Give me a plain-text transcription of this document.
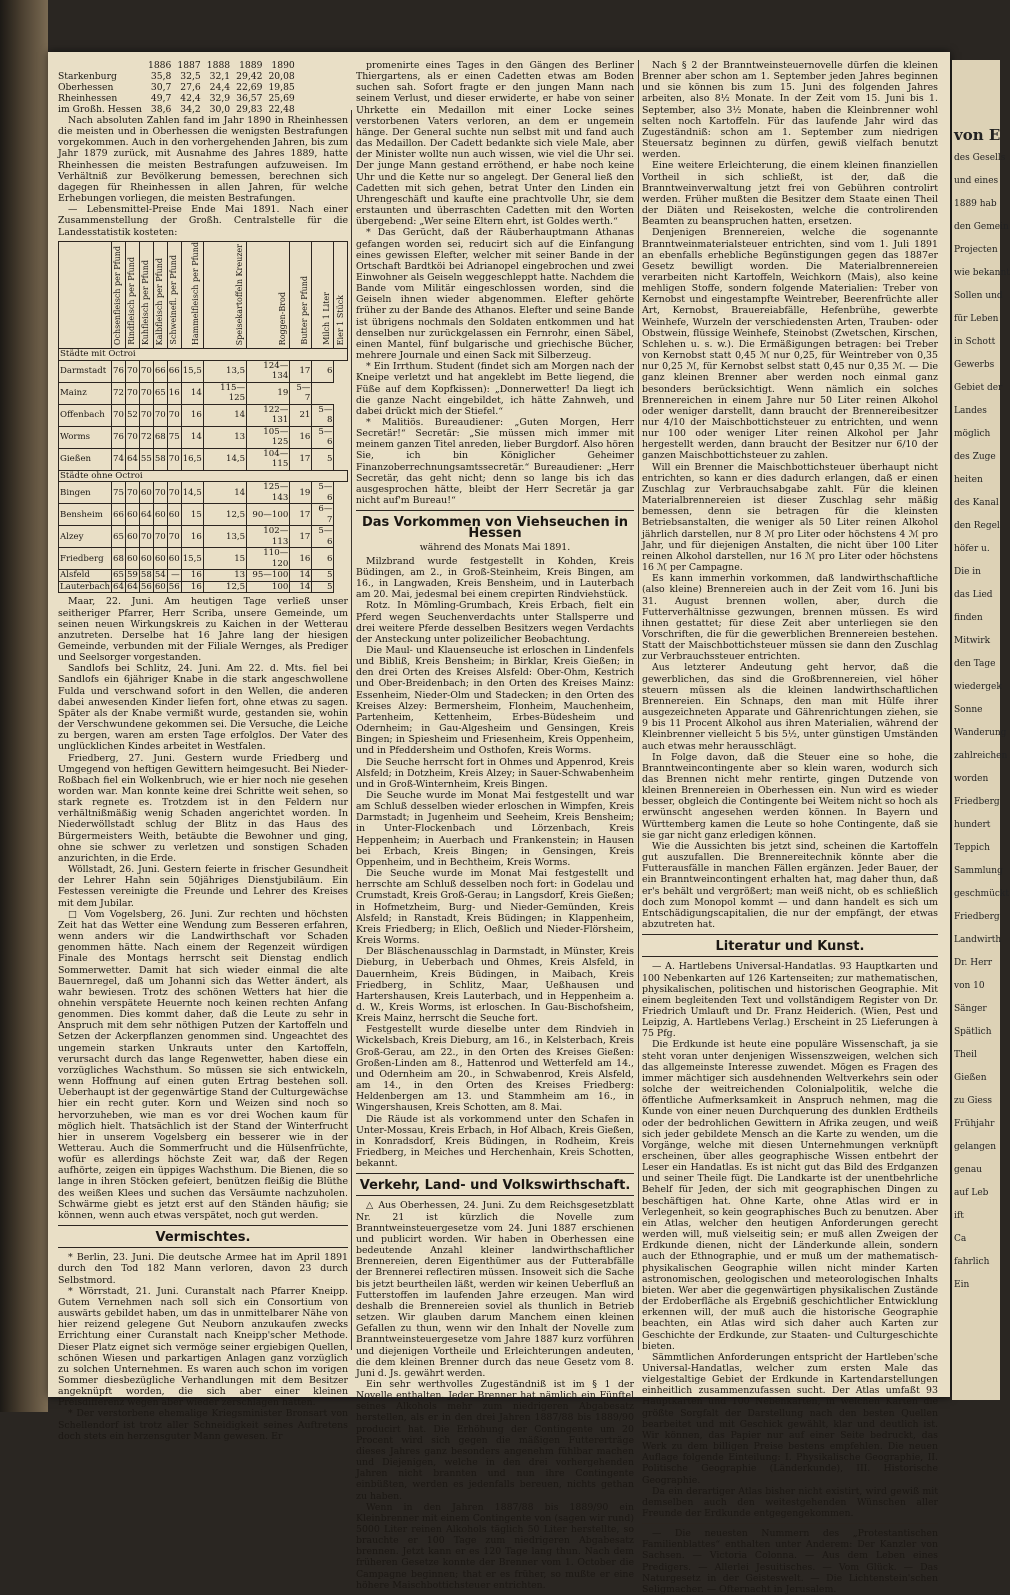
von E
des Gesells
und eines
1889 hab
den Gemein
Projecten
wie bekannt
Sollen und
für Leben
in Schott
Gewerbs
Gebiet der
Landes
möglich
des Zuge
heiten
des Kanal
den Regel
höfer u.
Die in
das Lied
finden
Mitwirk
den Tage
wiedergek
Sonne
Wanderung
zahlreichen
worden
Friedberg
hundert
Teppich
Sammlung
geschmückt
Friedberg
Landwirth
Dr. Herr
von 10
Sänger
Spätlich
Theil
Gießen
zu Giess
Frühjahr
gelangen
genau
auf Leb
ift
Ca
fahrlich
Ein
	1886	1887	1888	1889	1890
Starkenburg	35,8	32,5	32,1	29,42	20,08
Oberhessen	30,7	27,6	24,4	22,69	19,85
Rheinhessen	49,7	42,4	32,9	36,57	25,69
im Großh. Hessen	38,6	34,2	30,0	29,83	22,48

Nach absoluten Zahlen fand im Jahr 1890 in Rheinhessen die meisten und in Oberhessen die wenigsten Bestrafungen vorgekommen. Auch in den vorhergehenden Jahren, bis zum Jahr 1879 zurück, mit Ausnahme des Jahres 1889, hatte Rheinhessen die meisten Bestrafungen aufzuweisen. Im Verhältniß zur Bevölkerung bemessen, berechnen sich dagegen für Rheinhessen in allen Jahren, für welche Erhebungen vorliegen, die meisten Bestrafungen.

— Lebensmittel-Preise Ende Mai 1891. Nach einer Zusammenstellung der Großh. Centralstelle für die Landesstatistik kosteten:

	Ochsenfleisch per Pfund	Rindfleisch per Pfund	Kuhfleisch per Pfund	Kalbfleisch per Pfund	Schweinefl. per Pfund	Hammelfleisch per Pfund	Speisekartoffeln Kreuzer	Roggen-Brod	Butter per Pfund	Milch 1 Liter	Eier 1 Stück
Städte mit Octroi											
Darmstadt	76	70	70	66	66	15,5	13,5	124—134	17	6	
Mainz	72	70	70	65	16	14	115—125	19	5—7		
Offenbach	70	52	70	70	70	16	14	122—131	21	5—8	
Worms	76	70	72	68	75	14	13	105—125	16	5—6	
Gießen	74	64	55	58	70	16,5	14,5	104—115	17	5	
Städte ohne Octroi											
Bingen	75	70	60	70	70	14,5	14	125—143	19	5—6	
Bensheim	66	60	64	60	60	15	12,5	90—100	17	6—7	
Alzey	65	60	70	70	70	16	13,5	102—113	17	5—6	
Friedberg	68	60	60	60	60	15,5	15	110—120	16	6	
Alsfeld	65	59	58	54	—	16	13	95—100	14	5	
Lauterbach	64	64	56	60	56	16	12,5	100	14	5	

Maar, 22. Juni. Am heutigen Tage verließ unser seitheriger Pfarrer, Herr Scriba, unsere Gemeinde, um seinen neuen Wirkungskreis zu Kaichen in der Wetterau anzutreten. Derselbe hat 16 Jahre lang der hiesigen Gemeinde, verbunden mit der Filiale Wernges, als Prediger und Seelsorger vorgestanden.

Sandlofs bei Schlitz, 24. Juni. Am 22. d. Mts. fiel bei Sandlofs ein 6jähriger Knabe in die stark angeschwollene Fulda und verschwand sofort in den Wellen, die anderen dabei anwesenden Kinder liefen fort, ohne etwas zu sagen. Später als der Knabe vermißt wurde, gestanden sie, wohin der Verschwundene gekommen sei. Die Versuche, die Leiche zu bergen, waren am ersten Tage erfolglos. Der Vater des unglücklichen Kindes arbeitet in Westfalen.

Friedberg, 27. Juni. Gestern wurde Friedberg und Umgegend von heftigen Gewittern heimgesucht. Bei Nieder-Roßbach fiel ein Wolkenbruch, wie er hier noch nie gesehen worden war. Man konnte keine drei Schritte weit sehen, so stark regnete es. Trotzdem ist in den Feldern nur verhältnißmäßig wenig Schaden angerichtet worden. In Niederwöllstadt schlug der Blitz in das Haus des Bürgermeisters Weith, betäubte die Bewohner und ging, ohne sie schwer zu verletzen und sonstigen Schaden anzurichten, in die Erde.

Wöllstadt, 26. Juni. Gestern feierte in frischer Gesundheit der Lehrer Hahn sein 50jähriges Dienstjubiläum. Ein Festessen vereinigte die Freunde und Lehrer des Kreises mit dem Jubilar.

□ Vom Vogelsberg, 26. Juni. Zur rechten und höchsten Zeit hat das Wetter eine Wendung zum Besseren erfahren, wenn anders wir die Landwirthschaft vor Schaden genommen hätte. Nach einem der Regenzeit würdigen Finale des Montags herrscht seit Dienstag endlich Sommerwetter. Damit hat sich wieder einmal die alte Bauernregel, daß um Johanni sich das Wetter ändert, als wahr bewiesen. Trotz des schönen Wetters hat hier die ohnehin verspätete Heuernte noch keinen rechten Anfang genommen. Dies kommt daher, daß die Leute zu sehr in Anspruch mit dem sehr nöthigen Putzen der Kartoffeln und Setzen der Ackerpflanzen genommen sind. Ungeachtet des ungemein starken Unkrauts unter den Kartoffeln, verursacht durch das lange Regenwetter, haben diese ein vorzügliches Wachsthum. So müssen sie sich entwickeln, wenn Hoffnung auf einen guten Ertrag bestehen soll. Ueberhaupt ist der gegenwärtige Stand der Culturgewächse hier ein recht guter. Korn und Weizen sind noch so hervorzuheben, wie man es vor drei Wochen kaum für möglich hielt. Thatsächlich ist der Stand der Winterfrucht hier in unserem Vogelsberg ein besserer wie in der Wetterau. Auch die Sommerfrucht und die Hülsenfrüchte, wofür es allerdings höchste Zeit war, daß der Regen aufhörte, zeigen ein üppiges Wachsthum. Die Bienen, die so lange in ihren Stöcken gefeiert, benützen fleißig die Blüthe des weißen Klees und suchen das Versäumte nachzuholen. Schwärme giebt es jetzt erst auf den Ständen häufig; sie können, wenn auch etwas verspätet, noch gut werden.

Vermischtes.

* Berlin, 23. Juni. Die deutsche Armee hat im April 1891 durch den Tod 182 Mann verloren, davon 23 durch Selbstmord.

* Wörrstadt, 21. Juni. Curanstalt nach Pfarrer Kneipp. Gutem Vernehmen nach soll sich ein Consortium von auswärts gebildet haben, um das in unmittelbarer Nähe von hier reizend gelegene Gut Neuborn anzukaufen zwecks Errichtung einer Curanstalt nach Kneipp'scher Methode. Dieser Platz eignet sich vermöge seiner ergiebigen Quellen, schönen Wiesen und parkartigen Anlagen ganz vorzüglich zu solchen Unternehmen. Es waren auch schon im vorigen Sommer diesbezügliche Verhandlungen mit dem Besitzer angeknüpft worden, die sich aber einer kleinen Preisdifferenz wegen aber wieder zerschlagen hatten.

* Der verstorbene ehemalige Kriegsminister Bronsart von Schellendorf ist trotz aller Schneidigkeit seines Auftretens doch stets ein herzensguter Mann gewesen. Er

promenirte eines Tages in den Gängen des Berliner Thiergartens, als er einen Cadetten etwas am Boden suchen sah. Sofort fragte er den jungen Mann nach seinem Verlust, und dieser erwiderte, er habe von seiner Uhrkette ein Medaillon mit einer Locke seines verstorbenen Vaters verloren, an dem er ungemein hänge. Der General suchte nun selbst mit und fand auch das Medaillon. Der Cadett bedankte sich viele Male, aber der Minister wollte nun auch wissen, wie viel die Uhr sei. Der junge Mann gestand erröthend, er habe noch keine Uhr und die Kette nur so angelegt. Der General ließ den Cadetten mit sich gehen, betrat Unter den Linden ein Uhrengeschäft und kaufte eine prachtvolle Uhr, sie dem erstaunten und überraschten Cadetten mit den Worten übergebend: „Wer seine Eltern ehrt, ist Goldes werth.“

* Das Gerücht, daß der Räuberhauptmann Athanas gefangen worden sei, reducirt sich auf die Einfangung eines gewissen Elefter, welcher mit seiner Bande in der Ortschaft Bardtköi bei Adrianopel eingebrochen und zwei Einwohner als Geiseln weggeschleppt hatte. Nachdem die Bande vom Militär eingeschlossen worden, sind die Geiseln ihnen wieder abgenommen. Elefter gehörte früher zu der Bande des Athanos. Elefter und seine Bande ist übrigens nochmals den Soldaten entkommen und hat denselben nur zurückgelassen ein Fernrohr, einen Säbel, einen Mantel, fünf bulgarische und griechische Bücher, mehrere Journale und einen Sack mit Silberzeug.

* Ein Irrthum. Student (findet sich am Morgen nach der Kneipe verletzt und hat angeklebt im Bette liegend, die Füße auf dem Kopfkissen): „Donnerwetter! Da liegt ich die ganze Nacht eingebildet, ich hätte Zahnweh, und dabei drückt mich der Stiefel.“

* Malitiös. Bureaudiener: „Guten Morgen, Herr Secretär!“ Secretär: „Sie müssen mich immer mit meinem ganzen Titel anreden, lieber Burgdorf. Also hören Sie, ich bin Königlicher Geheimer Finanzoberrechnungsamtssecretär.“ Bureaudiener: „Herr Secretär, das geht nicht; denn so lange bis ich das ausgesprochen hätte, bleibt der Herr Secretär ja gar nicht auf'm Bureau!“

Das Vorkommen von Viehseuchen in Hessen
während des Monats Mai 1891.

Milzbrand wurde festgestellt in Kohden, Kreis Büdingen, am 2., in Groß-Steinheim, Kreis Bingen, am 16., in Langwaden, Kreis Bensheim, und in Lauterbach am 20. Mai, jedesmal bei einem crepirten Rindviehstück.

Rotz. In Mömling-Grumbach, Kreis Erbach, fielt ein Pferd wegen Seuchenverdachts unter Stallsperre und drei weitere Pferde desselben Besitzers wegen Verdachts der Ansteckung unter polizeilicher Beobachtung.

Die Maul- und Klauenseuche ist erloschen in Lindenfels und Bibliß, Kreis Bensheim; in Birklar, Kreis Gießen; in den drei Orten des Kreises Alsfeld: Ober-Ohm, Kestrich und Ober-Breidenbach; in den Orten des Kreises Mainz: Essenheim, Nieder-Olm und Stadecken; in den Orten des Kreises Alzey: Bermersheim, Flonheim, Mauchenheim, Partenheim, Kettenheim, Erbes-Büdesheim und Odernheim; in Gau-Algesheim und Gensingen, Kreis Bingen; in Spiesheim und Friesenheim, Kreis Oppenheim, und in Pfeddersheim und Osthofen, Kreis Worms.

Die Seuche herrscht fort in Ohmes und Appenrod, Kreis Alsfeld; in Dotzheim, Kreis Alzey; in Sauer-Schwabenheim und in Groß-Winternheim, Kreis Bingen.

Die Seuche wurde im Monat Mai festgestellt und war am Schluß desselben wieder erloschen in Wimpfen, Kreis Darmstadt; in Jugenheim und Seeheim, Kreis Bensheim; in Unter-Flockenbach und Lörzenbach, Kreis Heppenheim; in Auerbach und Frankenstein; in Hausen bei Erbach, Kreis Bingen; in Gensingen, Kreis Oppenheim, und in Bechtheim, Kreis Worms.

Die Seuche wurde im Monat Mai festgestellt und herrschte am Schluß desselben noch fort: in Godelau und Crumstadt, Kreis Groß-Gerau; in Langsdorf, Kreis Gießen; in Hofmetzheim, Burg- und Nieder-Gemünden, Kreis Alsfeld; in Ranstadt, Kreis Büdingen; in Klappenheim, Kreis Friedberg; in Elich, Oeßlich und Nieder-Flörsheim, Kreis Worms.

Der Bläschenausschlag in Darmstadt, in Münster, Kreis Dieburg, in Ueberbach und Ohmes, Kreis Alsfeld, in Dauernheim, Kreis Büdingen, in Maibach, Kreis Friedberg, in Schlitz, Maar, Ueßhausen und Hartershausen, Kreis Lauterbach, und in Heppenheim a. d. W., Kreis Worms, ist erloschen. In Gau-Bischofsheim, Kreis Mainz, herrscht die Seuche fort.

Festgestellt wurde dieselbe unter dem Rindvieh in Wickelsbach, Kreis Dieburg, am 16., in Kelsterbach, Kreis Groß-Gerau, am 22., in den Orten des Kreises Gießen: Großen-Linden am 8., Hattenrod und Wetterfeld am 14., und Odernheim am 20., in Schwabenrod, Kreis Alsfeld, am 14., in den Orten des Kreises Friedberg: Heldenbergen am 13. und Stammheim am 16., in Wingershausen, Kreis Schotten, am 8. Mai.

Die Räude ist als vorkommend unter den Schafen in Unter-Mossau, Kreis Erbach, in Hof Albach, Kreis Gießen, in Konradsdorf, Kreis Büdingen, in Rodheim, Kreis Friedberg, in Meiches und Herchenhain, Kreis Schotten, bekannt.

Verkehr, Land- und Volkswirthschaft.

△ Aus Oberhessen, 24. Juni. Zu dem Reichsgesetzblatt Nr. 21 ist kürzlich die Novelle zum Branntweinsteuergesetze vom 24. Juni 1887 erschienen und publicirt worden. Wir haben in Oberhessen eine bedeutende Anzahl kleiner landwirthschaftlicher Brennereien, deren Eigenthümer aus der Futterabfälle der Brennerei reflectiren müssen. Insoweit sich die Sache bis jetzt beurtheilen läßt, werden wir keinen Ueberfluß an Futterstoffen im laufenden Jahre erzeugen. Man wird deshalb die Brennereien soviel als thunlich in Betrieb setzen. Wir glauben darum Manchem einen kleinen Gefallen zu thun, wenn wir den Inhalt der Novelle zum Branntweinsteuergesetze vom Jahre 1887 kurz vorführen und diejenigen Vortheile und Erleichterungen andeuten, die dem kleinen Brenner durch das neue Gesetz vom 8. Juni d. Js. gewährt werden.

Ein sehr werthvolles Zugeständniß ist im § 1 der Novelle enthalten. Jeder Brenner hat nämlich ein Fünftel seines Alkohols mehr zum niedrigeren Abgabesatz herstellen, als er in den drei Jahren 1887/88 bis 1889/90 producirt hat. Die Erhöhung der Contingente um 20 Procent wird sich gegen die mäßigen Futtererträge dieses Jahres ganz besonders angenehm fühlbar machen und Diejenigen, welche in den drei vorhergehenden Jahren nicht brannten und nun ihre Contingente einbüßten, werden es jedenfalls bereuen, nichts gethan zu haben.

Wenn in den Jahren 1887/88 bis 1889/90 ein Kleinbrenner mit einem Contingente von (sagen wir rund) 5000 Liter reinen Alkohols täglich 50 Liter herstellte, so brauchte er 100 Tage zum niedrigeren Abgabesatz brennen. Jetzt kann er es 120 Tage lang thun. Nach dem früheren Gesetze konnte der Brenner vom 1. October die Campagne beginnen; that er es früher, so mußte er eine höhere Maischbottichsteuer entrichten.

Nach § 2 der Branntweinsteuernovelle dürfen die kleinen Brenner aber schon am 1. September jeden Jahres beginnen und sie können bis zum 15. Juni des folgenden Jahres arbeiten, also 8½ Monate. In der Zeit vom 15. Juni bis 1. September, also 3½ Monate, haben die Kleinbrenner wohl selten noch Kartoffeln. Für das laufende Jahr wird das Zugeständniß: schon am 1. September zum niedrigen Steuersatz beginnen zu dürfen, gewiß vielfach benutzt werden.

Eine weitere Erleichterung, die einem kleinen finanziellen Vortheil in sich schließt, ist der, daß die Branntweinverwaltung jetzt frei von Gebühren controlirt werden. Früher mußten die Besitzer dem Staate einen Theil der Diäten und Reisekosten, welche die controlirenden Beamten zu beanspruchen hatten, ersetzen.

Denjenigen Brennereien, welche die sogenannte Branntweinmaterialsteuer entrichten, sind vom 1. Juli 1891 an ebenfalls erhebliche Begünstigungen gegen das 1887er Gesetz bewilligt worden. Die Materialbrennereien verarbeiten nicht Kartoffeln, Weichkorn (Mais), also keine mehligen Stoffe, sondern folgende Materialien: Treber von Kernobst und eingestampfte Weintreber, Beerenfrüchte aller Art, Kernobst, Brauereiabfälle, Hefenbrühe, gewerbte Weinhefe, Wurzeln der verschiedensten Arten, Trauben- oder Obstwein, flüssige Weinhefe, Steinobst (Zwetschen, Kirschen, Schlehen u. s. w.). Die Ermäßigungen betragen: bei Treber von Kernobst statt 0,45 ℳ nur 0,25, für Weintreber von 0,35 nur 0,25 ℳ, für Kernobst selbst statt 0,45 nur 0,35 ℳ. — Die ganz kleinen Brenner aber werden noch einmal ganz besonders berücksichtigt. Wenn nämlich ein solches Brennereichen in einem Jahre nur 50 Liter reinen Alkohol oder weniger darstellt, dann braucht der Brennereibesitzer nur 4/10 der Maischbottichsteuer zu entrichten, und wenn nur 100 oder weniger Liter reinen Alkohol per Jahr hergestellt werden, dann braucht der Besitzer nur 6/10 der ganzen Maischbottichsteuer zu zahlen.

Will ein Brenner die Maischbottichsteuer überhaupt nicht entrichten, so kann er dies dadurch erlangen, daß er einen Zuschlag zur Verbrauchsabgabe zahlt. Für die kleinen Materialbrennereien ist dieser Zuschlag sehr mäßig bemessen, denn sie betragen für die kleinsten Betriebsanstalten, die weniger als 50 Liter reinen Alkohol jährlich darstellen, nur 8 ℳ pro Liter oder höchstens 4 ℳ pro Jahr, und für diejenigen Anstalten, die nicht über 100 Liter reinen Alkohol darstellen, nur 16 ℳ pro Liter oder höchstens 16 ℳ per Campagne.

Es kann immerhin vorkommen, daß landwirthschaftliche (also kleine) Brennereien auch in der Zeit vom 16. Juni bis 31. August brennen wollen, aber, durch die Futterverhältnisse gezwungen, brennen müssen. Es wird ihnen gestattet; für diese Zeit aber unterliegen sie den Vorschriften, die für die gewerblichen Brennereien bestehen. Statt der Maischbottichsteuer müssen sie dann den Zuschlag zur Verbrauchssteuer entrichten.

Aus letzterer Andeutung geht hervor, daß die gewerblichen, das sind die Großbrennereien, viel höher steuern müssen als die kleinen landwirthschaftlichen Brennereien. Ein Schnaps, den man mit Hülfe ihrer ausgezeichneten Apparate und Gährenrichtungen ziehen, sie 9 bis 11 Procent Alkohol aus ihren Materialien, während der Kleinbrenner vielleicht 5 bis 5½, unter günstigen Umständen auch etwas mehr herausschlägt.

In Folge davon, daß die Steuer eine so hohe, die Branntweincontingente aber so klein waren, wodurch sich das Brennen nicht mehr rentirte, gingen Dutzende von kleinen Brennereien in Oberhessen ein. Nun wird es wieder besser, obgleich die Contingente bei Weitem nicht so hoch als erwünscht angesehen werden können. In Bayern und Württemberg kamen die Leute so hohe Contingente, daß sie sie gar nicht ganz erledigen können.

Wie die Aussichten bis jetzt sind, scheinen die Kartoffeln gut auszufallen. Die Brennereitechnik könnte aber die Futterausfälle in manchen Fällen ergänzen. Jeder Bauer, der ein Branntweincontingent erhalten hat, mag daher thun, daß er's behält und vergrößert; man weiß nicht, ob es schließlich doch zum Monopol kommt — und dann handelt es sich um Entschädigungscapitalien, die nur der empfängt, der etwas abzutreten hat.

Literatur und Kunst.

— A. Hartlebens Universal-Handatlas. 93 Hauptkarten und 100 Nebenkarten auf 126 Kartenseiten; zur mathematischen, physikalischen, politischen und historischen Geographie. Mit einem begleitenden Text und vollständigem Register von Dr. Friedrich Umlauft und Dr. Franz Heiderich. (Wien, Pest und Leipzig, A. Hartlebens Verlag.) Erscheint in 25 Lieferungen à 75 Pfg.

Die Erdkunde ist heute eine populäre Wissenschaft, ja sie steht voran unter denjenigen Wissenszweigen, welchen sich das allgemeinste Interesse zuwendet. Mögen es Fragen des immer mächtiger sich ausdehnenden Weltverkehrs sein oder solche der weitreichenden Colonialpolitik, welche die öffentliche Aufmerksamkeit in Anspruch nehmen, mag die Kunde von einer neuen Durchquerung des dunklen Erdtheils oder der bedrohlichen Gewittern in Afrika zeugen, und weiß sich jeder gebildete Mensch an die Karte zu wenden, um die Vorgänge, welche mit diesen Unternehmungen verknüpft erscheinen, über alles geographische Wissen entbehrt der Leser ein Handatlas. Es ist nicht gut das Bild des Erdganzen und seiner Theile fügt. Die Landkarte ist der unentbehrliche Behelf für Jeden, der sich mit geographischen Dingen zu beschäftigen hat. Ohne Karte, ohne Atlas wird er in Verlegenheit, so kein geographisches Buch zu benutzen. Aber ein Atlas, welcher den heutigen Anforderungen gerecht werden will, muß vielseitig sein; er muß allen Zweigen der Erdkunde dienen, nicht der Länderkunde allein, sondern auch der Ethnographie, und er muß um der mathematisch-physikalischen Geographie willen nicht minder Karten astronomischen, geologischen und meteorologischen Inhalts bieten. Wer aber die gegenwärtigen physikalischen Zustände der Erdoberfläche als Ergebniß geschichtlicher Entwicklung erkennen will, der muß auch die historische Geographie beachten, ein Atlas wird sich daher auch Karten zur Geschichte der Erdkunde, zur Staaten- und Culturgeschichte bieten.

Sämmtlichen Anforderungen entspricht der Hartleben'sche Universal-Handatlas, welcher zum ersten Male das vielgestaltige Gebiet der Erdkunde in Kartendarstellungen einheitlich zusammenzufassen sucht. Der Atlas umfaßt 93 Hauptkarten und 100 Nebenkarten, in welchen Karten die größte Sorgfalt der Darstellung nach den besten Quellen bearbeitet und mit Geschick gewählt, klar und deutlich ist. Wir können, das Papier nur auf einer Seite bedruckt, das Werk zu dem billigen Preise bestens empfehlen. Die neuen Auflage folgende Einteilung: I. Physikalische Geographie, II. Politische Geographie (Länderkunde), III. Historische Geographie.

Da ein derartiger Atlas bisher nicht existirt, wird gewiß mit demselben auch den weitestgehenden Wünschen aller Freunde der Erdkunde entgegengekommen.

— Die neuesten Nummern des „Protestantischen Familienblattes“ enthalten unter Anderem: Der Kanzler von Sachsen. — Victoria Colonna. — Aus dem Leben eines Predigers. — Allerlei Jesuitisches. — Vom Glück. — Das Naturgesetz in der Geisteswelt. — Die Lichtenstein'schen Seligmacher. — Ofternacht in Jerusalem.
